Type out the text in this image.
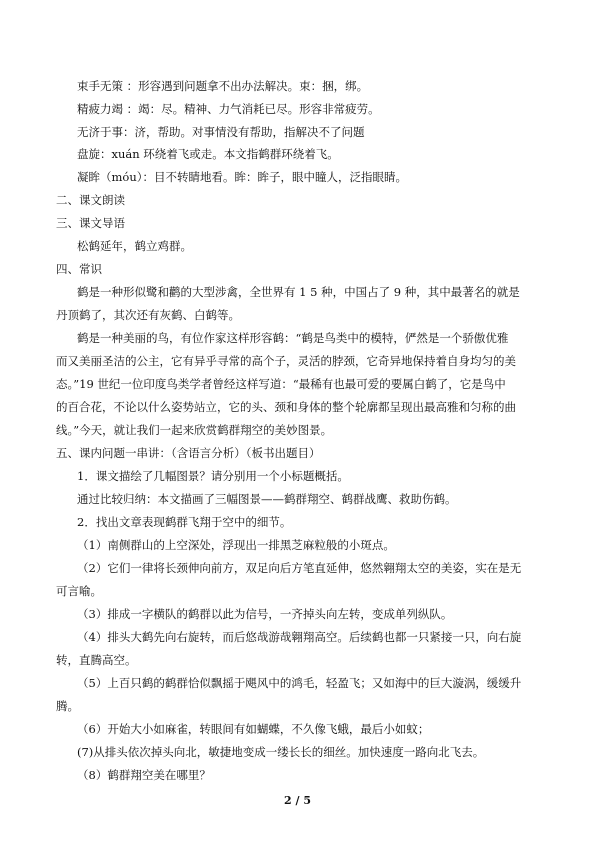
束手无策 ：形容遇到问题拿不出办法解决。束：捆，绑。

精疲力竭 ：竭：尽。精神、力气消耗已尽。形容非常疲劳。

无济于事：济，帮助。对事情没有帮助，指解决不了问题

盘旋：xuán 环绕着飞或走。本文指鹤群环绕着飞。

凝眸（móu）：目不转睛地看。眸：眸子，眼中瞳人，泛指眼睛。

二、课文朗读

三、课文导语

松鹤延年，鹤立鸡群。

四、常识

鹤是一种形似鹭和鹳的大型涉禽，全世界有 1 5 种，中国占了 9 种，其中最著名的就是

丹顶鹤了，其次还有灰鹤、白鹤等。

鹤是一种美丽的鸟，有位作家这样形容鹤：“鹤是鸟类中的模特，俨然是一个骄傲优雅

而又美丽圣洁的公主，它有异乎寻常的高个子，灵活的脖颈，它奇异地保持着自身均匀的美

态。”19 世纪一位印度鸟类学者曾经这样写道：“最稀有也最可爱的要属白鹤了，它是鸟中

的百合花，不论以什么姿势站立，它的头、颈和身体的整个轮廓都呈现出最高雅和匀称的曲

线。”今天，就让我们一起来欣赏鹤群翔空的美妙图景。

五、课内问题一串讲：（含语言分析）（板书出题目）

1．课文描绘了几幅图景？请分别用一个小标题概括。

通过比较归纳：本文描画了三幅图景——鹤群翔空、鹤群战鹰、救助伤鹤。

2．找出文章表现鹤群飞翔于空中的细节。

（1）南侧群山的上空深处，浮现出一排黑芝麻粒般的小斑点。

（2）它们一律将长颈伸向前方，双足向后方笔直延伸，悠然翱翔太空的美姿，实在是无

可言喻。

（3）排成一字横队的鹤群以此为信号，一齐掉头向左转，变成单列纵队。

（4）排头大鹤先向右旋转，而后悠哉游哉翱翔高空。后续鹤也都一只紧接一只，向右旋

转，直腾高空。

（5）上百只鹤的鹤群恰似飘摇于飓风中的鸿毛，轻盈飞；又如海中的巨大漩涡，缓缓升

腾。

（6）开始大小如麻雀，转眼间有如蝴蝶，不久像飞蛾，最后小如蚊；

(7)从排头依次掉头向北，敏捷地变成一缕长长的细丝。加快速度一路向北飞去。

（8）鹤群翔空美在哪里？

2 / 5
